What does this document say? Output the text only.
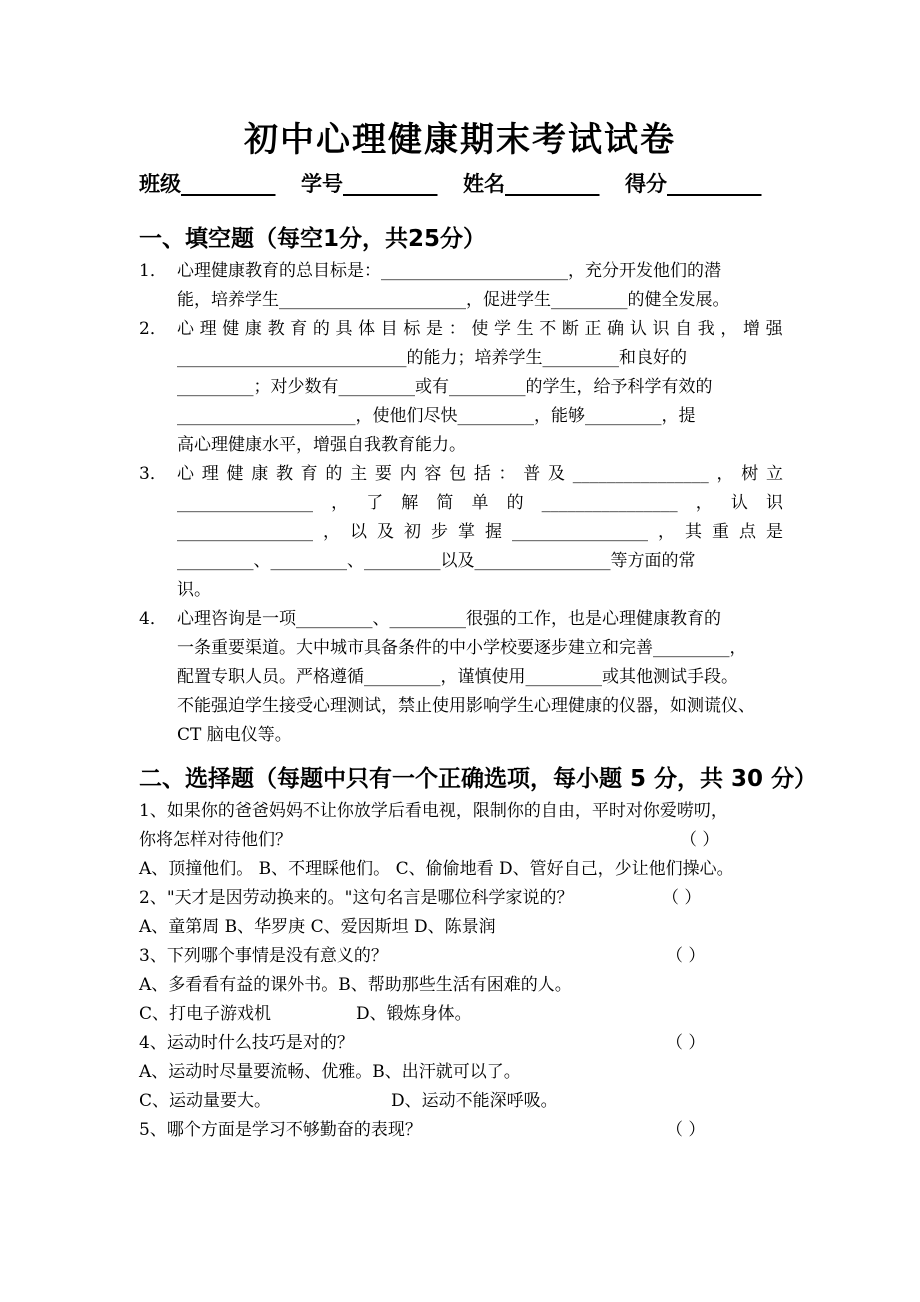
初中心理健康期末考试试卷
班级_________ 学号_________ 姓名_________ 得分_________
一、填空题（每空1分，共25分）
1． 心理健康教育的总目标是：______________________，充分开发他们的潜
能，培养学生______________________，促进学生_________的健全发展。
2． 心 理 健 康 教 育 的 具 体 目 标 是 ： 使 学 生 不 断 正 确 认 识 自 我 ， 增 强
___________________________的能力；培养学生_________和良好的
_________；对少数有_________或有_________的学生，给予科学有效的
_____________________，使他们尽快_________，能够_________，提
高心理健康水平，增强自我教育能力。
3． 心 理 健 康 教 育 的 主 要 内 容 包 括 ： 普 及 ________________ ， 树 立
________________ ， 了 解 简 单 的 ________________ ， 认 识
________________ ， 以 及 初 步 掌 握 ________________ ， 其 重 点 是
_________、_________、_________以及________________等方面的常
识。
4． 心理咨询是一项_________、_________很强的工作，也是心理健康教育的
一条重要渠道。大中城市具备条件的中小学校要逐步建立和完善_________，
配置专职人员。严格遵循_________，谨慎使用_________或其他测试手段。
不能强迫学生接受心理测试，禁止使用影响学生心理健康的仪器，如测谎仪、
CT 脑电仪等。
二、选择题（每题中只有一个正确选项，每小题 5 分，共 30 分）
1、如果你的爸爸妈妈不让你放学后看电视，限制你的自由，平时对你爱唠叨，
你将怎样对待他们？	（ ）
A、顶撞他们。 B、不理睬他们。 C、偷偷地看 D、管好自己，少让他们操心。
2、"天才是因劳动换来的。"这句名言是哪位科学家说的？	（ ）
A、童第周 B、华罗庚 C、爱因斯坦 D、陈景润
3、下列哪个事情是没有意义的？	（ ）
A、多看看有益的课外书。B、帮助那些生活有困难的人。
C、打电子游戏机	D、锻炼身体。
4、运动时什么技巧是对的？	（ ）
A、运动时尽量要流畅、优雅。B、出汗就可以了。
C、运动量要大。	D、运动不能深呼吸。
5、哪个方面是学习不够勤奋的表现？	（ ）
